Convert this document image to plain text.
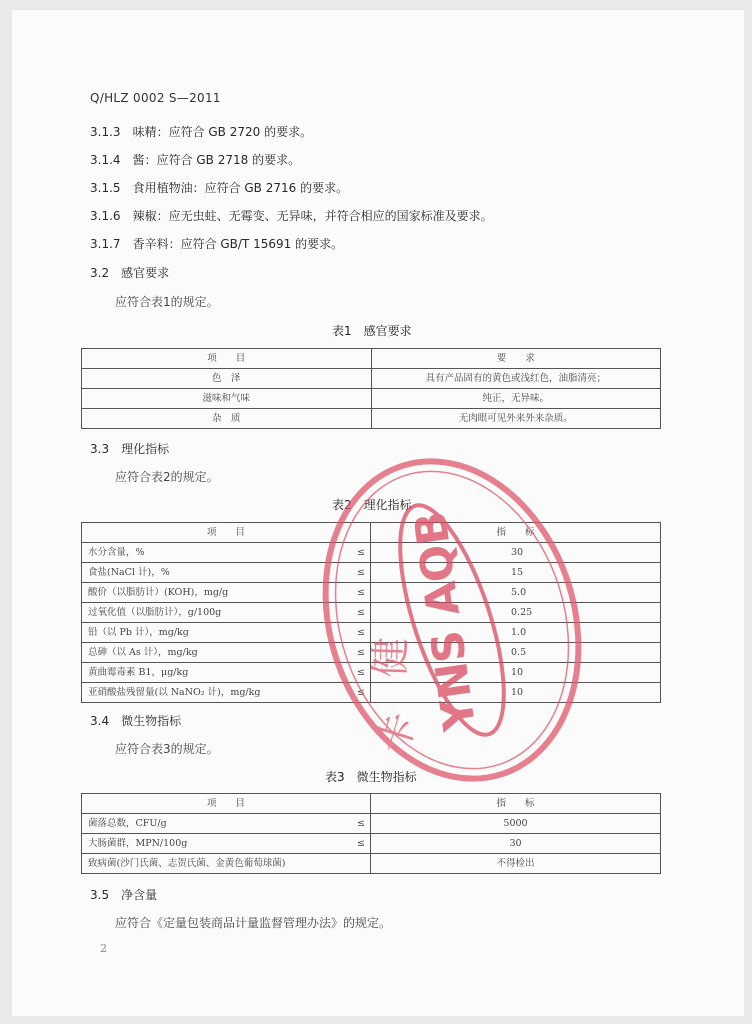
Q/HLZ 0002 S—2011
3.1.3　 味精：应符合 GB 2720 的要求。
3.1.4　 酱：应符合 GB 2718 的要求。
3.1.5　 食用植物油：应符合 GB 2716 的要求。
3.1.6　 辣椒：应无虫蛀、无霉变、无异味，并符合相应的国家标准及要求。
3.1.7　 香辛料：应符合 GB/T 15691 的要求。
3.2　 感官要求
应符合表1的规定。
表1　感官要求
项　　目	要　　求
色　泽	具有产品固有的黄色或浅红色，油脂清亮；
滋味和气味	纯正，无异味。
杂　质	无肉眼可见外来外来杂质。
3.3　 理化指标
应符合表2的规定。
表2　理化指标
项　　目		指　　标
水分含量，%	≤	30
食盐(NaCl 计)，%	≤	15
酸价（以脂肪计）(KOH)，mg/g	≤	5.0
过氧化值（以脂肪计），g/100g	≤	0.25
铅（以 Pb 计），mg/kg	≤	1.0
总砷（以 As 计），mg/kg	≤	0.5
黄曲霉毒素 B1，μg/kg	≤	10
亚硝酸盐残留量(以 NaNO₂ 计)，mg/kg	≤	10
3.4　 微生物指标
应符合表3的规定。
表3　微生物指标
项　　目		指　　标
菌落总数，CFU/g	≤	5000
大肠菌群，MPN/100g	≤	30
致病菌(沙门氏菌、志贺氏菌、金黄色葡萄球菌)		不得检出
3.5　 净含量
应符合《定量包装商品计量监督管理办法》的规定。
2
YNS AQB
卡
健
